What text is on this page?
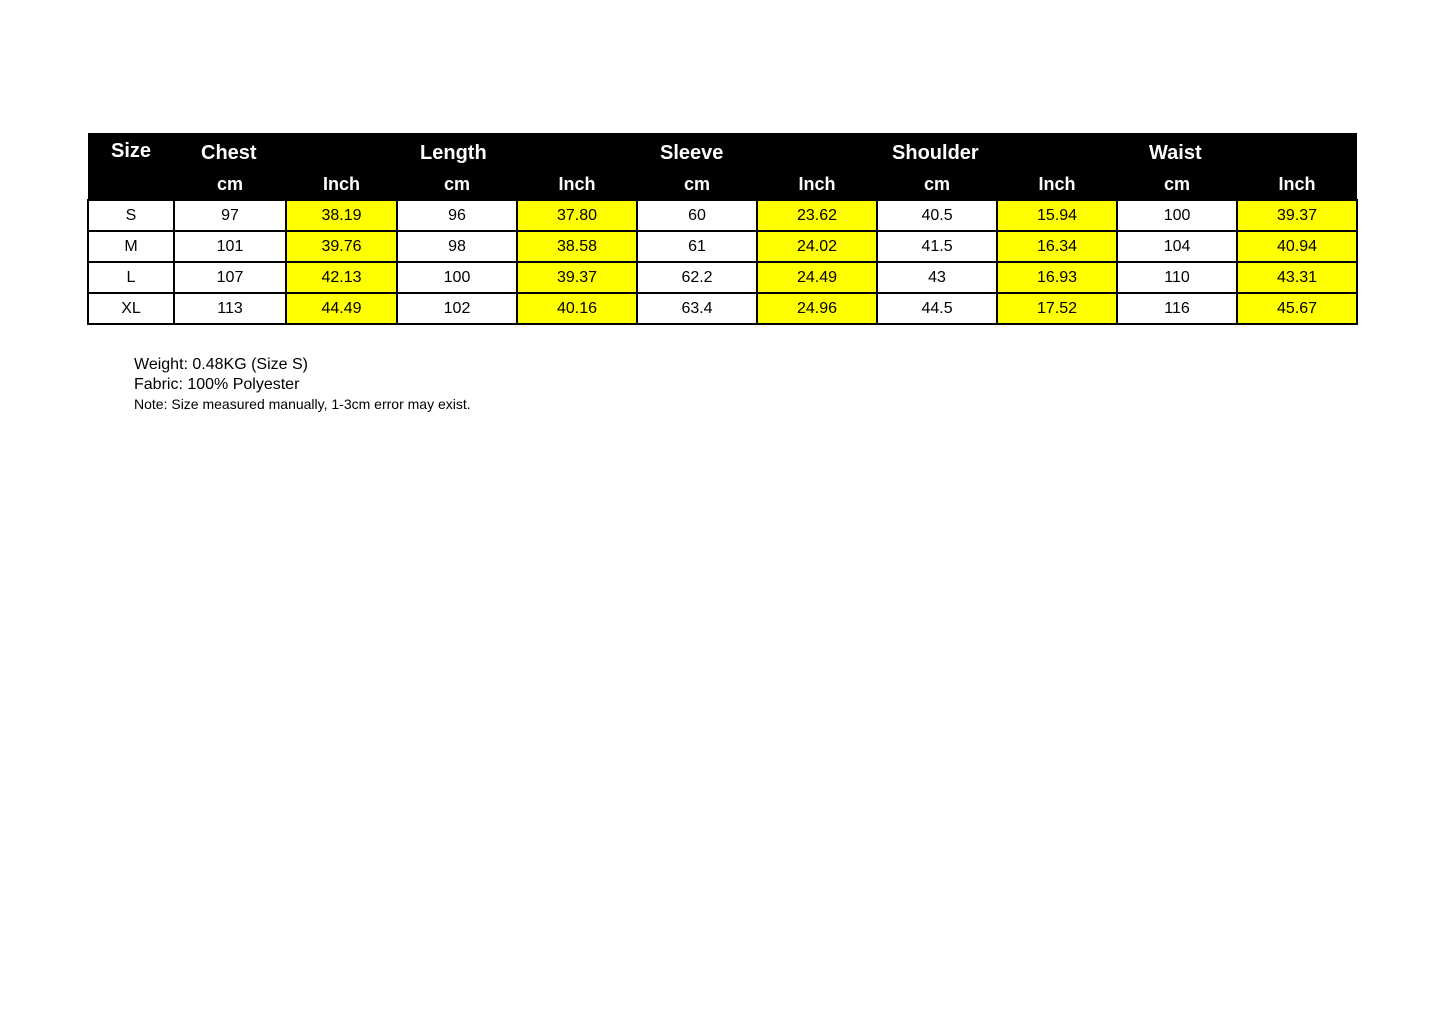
Size	Chest		Length		Sleeve		Shoulder		Waist	
	cm	Inch	cm	Inch	cm	Inch	cm	Inch	cm	Inch
S	97	38.19	96	37.80	60	23.62	40.5	15.94	100	39.37
M	101	39.76	98	38.58	61	24.02	41.5	16.34	104	40.94
L	107	42.13	100	39.37	62.2	24.49	43	16.93	110	43.31
XL	113	44.49	102	40.16	63.4	24.96	44.5	17.52	116	45.67
Weight: 0.48KG (Size S)
Fabric: 100% Polyester
Note: Size measured manually, 1-3cm error may exist.
